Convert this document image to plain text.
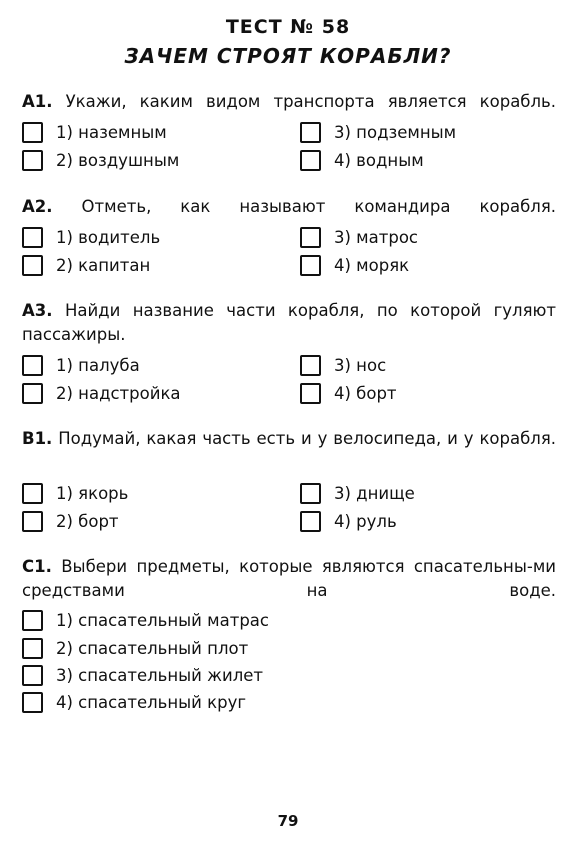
ТЕСТ № 58
ЗАЧЕМ СТРОЯТ КОРАБЛИ?
A1. Укажи, каким видом транспорта является корабль.
1) наземным
2) воздушным
3) подземным
4) водным
A2. Отметь, как называют командира корабля.
1) водитель
2) капитан
3) матрос
4) моряк
A3. Найди название части корабля, по которой гуляют пассажиры.
1) палуба
2) надстройка
3) нос
4) борт
B1. Подумай, какая часть есть и у велосипеда, и у корабля.
1) якорь
2) борт
3) днище
4) руль
C1. Выбери предметы, которые являются спасательны-ми средствами на воде.
1) спасательный матрас
2) спасательный плот
3) спасательный жилет
4) спасательный круг
79
